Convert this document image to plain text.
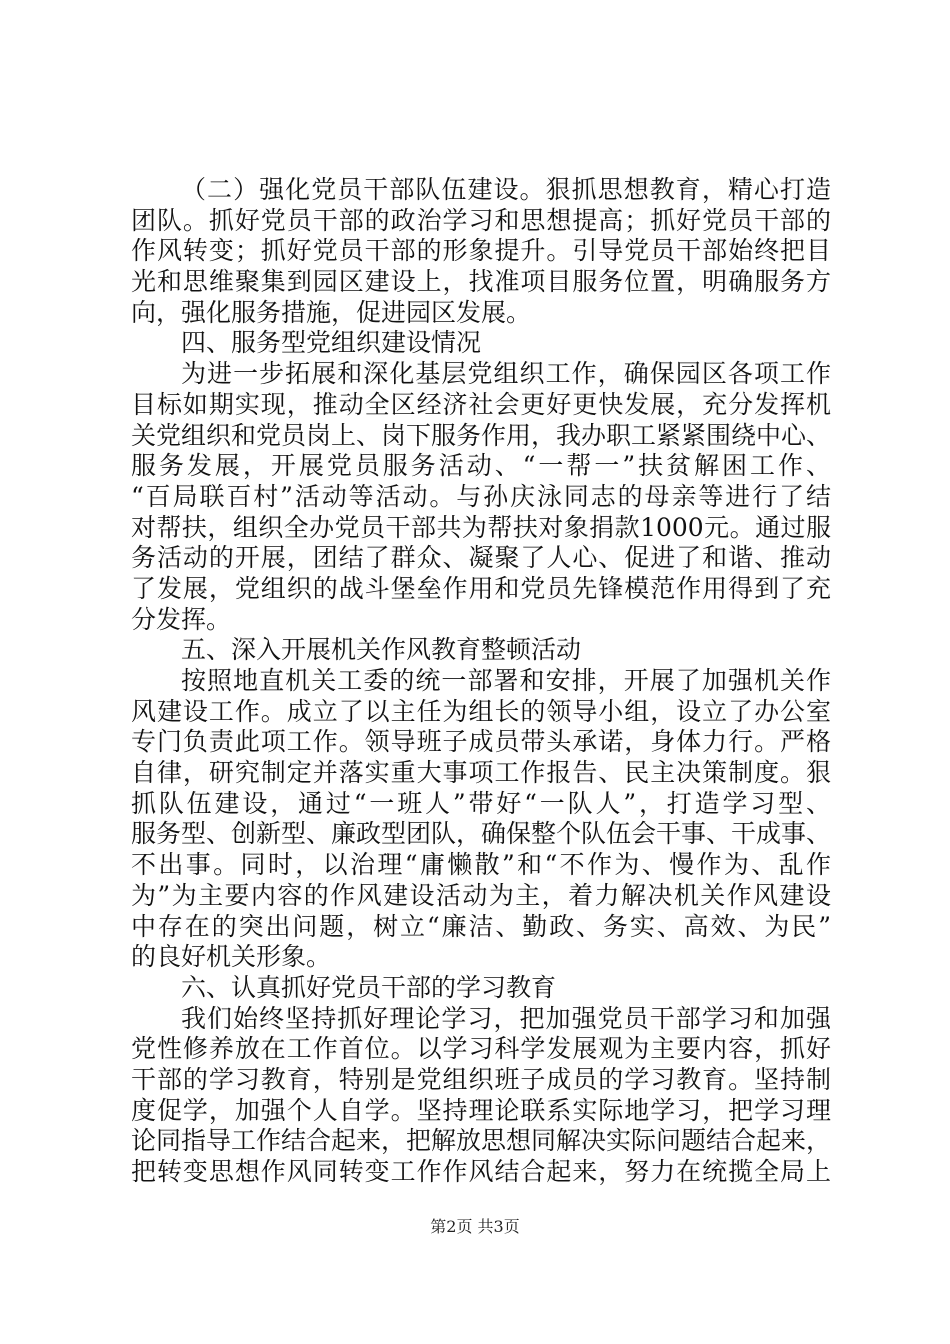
（二）强化党员干部队伍建设。狠抓思想教育，精心打造
团队。抓好党员干部的政治学习和思想提高；抓好党员干部的
作风转变；抓好党员干部的形象提升。引导党员干部始终把目
光和思维聚集到园区建设上，找准项目服务位置，明确服务方
向，强化服务措施，促进园区发展。
四、服务型党组织建设情况
为进一步拓展和深化基层党组织工作，确保园区各项工作
目标如期实现，推动全区经济社会更好更快发展，充分发挥机
关党组织和党员岗上、岗下服务作用，我办职工紧紧围绕中心、
服务发展，开展党员服务活动、“一帮一”扶贫解困工作、
“百局联百村”活动等活动。与孙庆泳同志的母亲等进行了结
对帮扶，组织全办党员干部共为帮扶对象捐款1000元。通过服
务活动的开展，团结了群众、凝聚了人心、促进了和谐、推动
了发展，党组织的战斗堡垒作用和党员先锋模范作用得到了充
分发挥。
五、深入开展机关作风教育整顿活动
按照地直机关工委的统一部署和安排，开展了加强机关作
风建设工作。成立了以主任为组长的领导小组，设立了办公室
专门负责此项工作。领导班子成员带头承诺，身体力行。严格
自律，研究制定并落实重大事项工作报告、民主决策制度。狠
抓队伍建设，通过“一班人”带好“一队人”，打造学习型、
服务型、创新型、廉政型团队，确保整个队伍会干事、干成事、
不出事。同时，以治理“庸懒散”和“不作为、慢作为、乱作
为”为主要内容的作风建设活动为主，着力解决机关作风建设
中存在的突出问题，树立“廉洁、勤政、务实、高效、为民”
的良好机关形象。
六、认真抓好党员干部的学习教育
我们始终坚持抓好理论学习，把加强党员干部学习和加强
党性修养放在工作首位。以学习科学发展观为主要内容，抓好
干部的学习教育，特别是党组织班子成员的学习教育。坚持制
度促学，加强个人自学。坚持理论联系实际地学习，把学习理
论同指导工作结合起来，把解放思想同解决实际问题结合起来，
把转变思想作风同转变工作作风结合起来，努力在统揽全局上
第2页 共3页
